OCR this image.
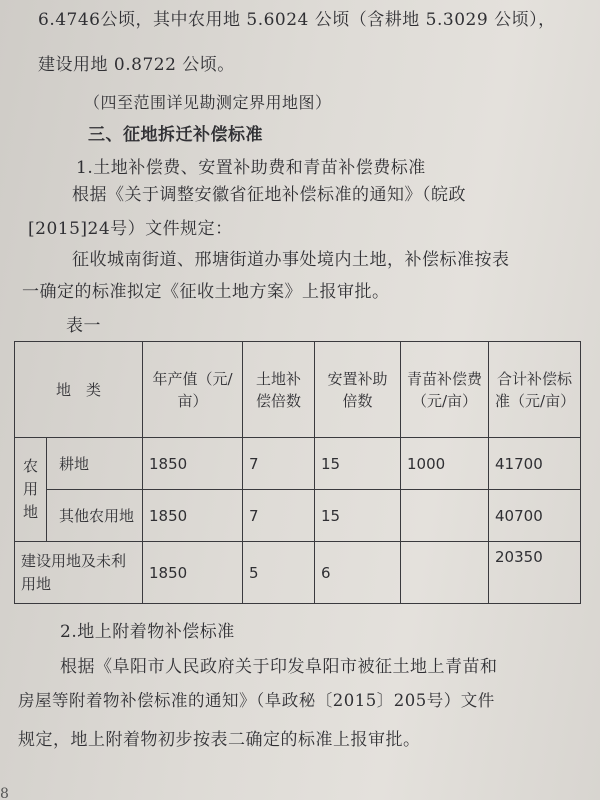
6.4746公顷，其中农用地 5.6024 公顷（含耕地 5.3029 公顷），
建设用地 0.8722 公顷。
（四至范围详见勘测定界用地图）
三、征地拆迁补偿标准
1.土地补偿费、安置补助费和青苗补偿费标准
根据《关于调整安徽省征地补偿标准的通知》（皖政
[2015]24号）文件规定：
征收城南街道、邢塘街道办事处境内土地，补偿标准按表
一确定的标准拟定《征收土地方案》上报审批。
表一
地　类		年产值（元/亩）	土地补偿倍数	安置补助倍数	青苗补偿费（元/亩）	合计补偿标准（元/亩）
农用地	耕地	1850	7	15	1000	41700
	其他农用地	1850	7	15		40700
建设用地及未利用地		1850	5	6		20350
2.地上附着物补偿标准
根据《阜阳市人民政府关于印发阜阳市被征土地上青苗和
房屋等附着物补偿标准的通知》（阜政秘〔2015〕205号）文件
规定，地上附着物初步按表二确定的标准上报审批。
8
